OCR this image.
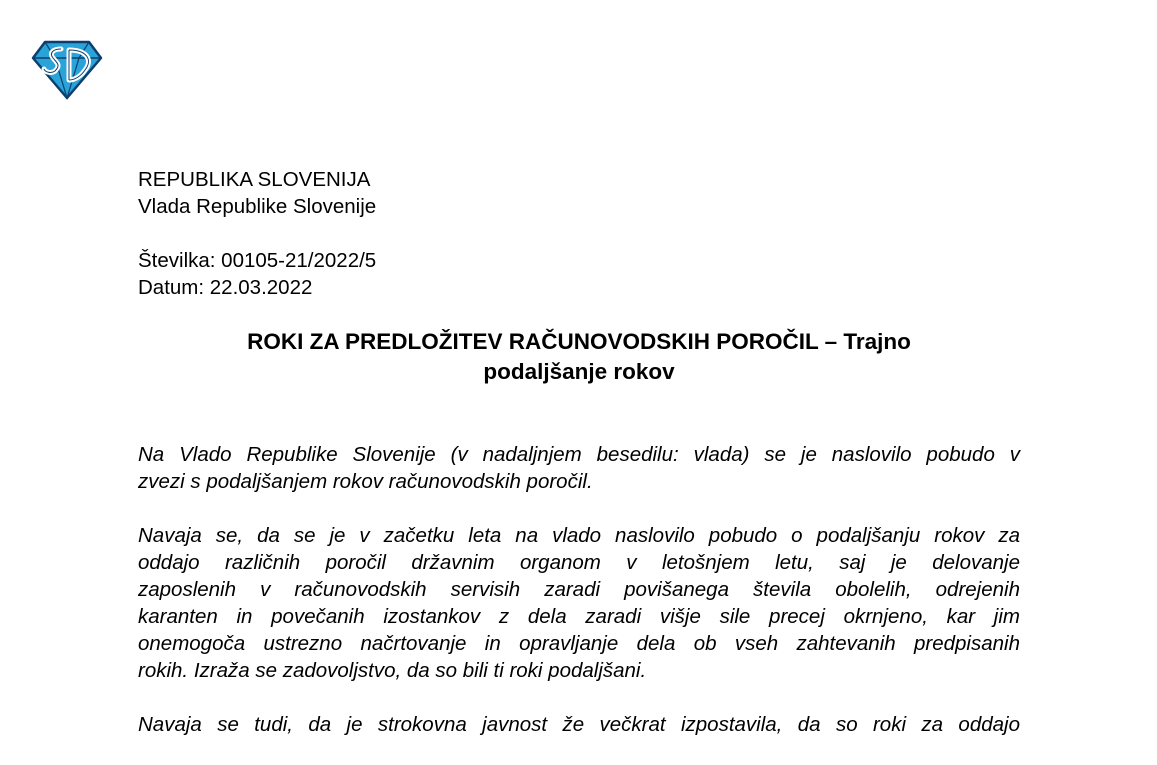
REPUBLIKA SLOVENIJA
Vlada Republike Slovenije
Številka: 00105-21/2022/5
Datum: 22.03.2022
ROKI ZA PREDLOŽITEV RAČUNOVODSKIH POROČIL – Trajno
podaljšanje rokov
Na Vlado Republike Slovenije (v nadaljnjem besedilu: vlada) se je naslovilo pobudo v
zvezi s podaljšanjem rokov računovodskih poročil.
Navaja se, da se je v začetku leta na vlado naslovilo pobudo o podaljšanju rokov za
oddajo različnih poročil državnim organom v letošnjem letu, saj je delovanje
zaposlenih v računovodskih servisih zaradi povišanega števila obolelih, odrejenih
karanten in povečanih izostankov z dela zaradi višje sile precej okrnjeno, kar jim
onemogoča ustrezno načrtovanje in opravljanje dela ob vseh zahtevanih predpisanih
rokih. Izraža se zadovoljstvo, da so bili ti roki podaljšani.
Navaja se tudi, da je strokovna javnost že večkrat izpostavila, da so roki za oddajo
